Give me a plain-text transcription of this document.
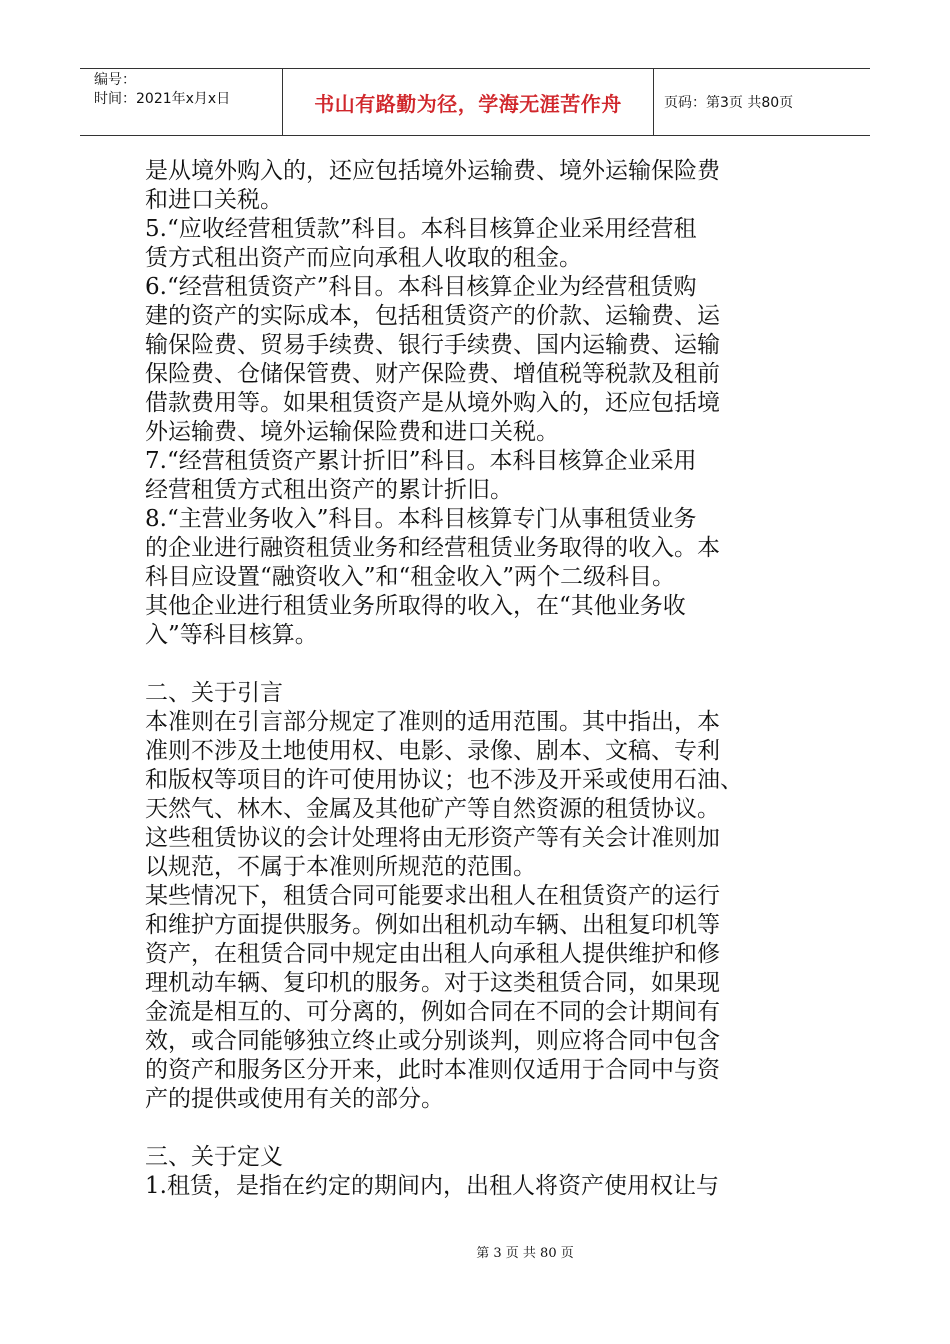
编号：
时间：2021年x月x日	书山有路勤为径，学海无涯苦作舟	页码：第3页 共80页
是从境外购入的，还应包括境外运输费、境外运输保险费
和进口关税。
5.“应收经营租赁款”科目。本科目核算企业采用经营租
赁方式租出资产而应向承租人收取的租金。
6.“经营租赁资产”科目。本科目核算企业为经营租赁购
建的资产的实际成本，包括租赁资产的价款、运输费、运
输保险费、贸易手续费、银行手续费、国内运输费、运输
保险费、仓储保管费、财产保险费、增值税等税款及租前
借款费用等。如果租赁资产是从境外购入的，还应包括境
外运输费、境外运输保险费和进口关税。
7.“经营租赁资产累计折旧”科目。本科目核算企业采用
经营租赁方式租出资产的累计折旧。
8.“主营业务收入”科目。本科目核算专门从事租赁业务
的企业进行融资租赁业务和经营租赁业务取得的收入。本
科目应设置“融资收入”和“租金收入”两个二级科目。
其他企业进行租赁业务所取得的收入，在“其他业务收
入”等科目核算。
二、关于引言
本准则在引言部分规定了准则的适用范围。其中指出，本
准则不涉及土地使用权、电影、录像、剧本、文稿、专利
和版权等项目的许可使用协议；也不涉及开采或使用石油、
天然气、林木、金属及其他矿产等自然资源的租赁协议。
这些租赁协议的会计处理将由无形资产等有关会计准则加
以规范，不属于本准则所规范的范围。
某些情况下，租赁合同可能要求出租人在租赁资产的运行
和维护方面提供服务。例如出租机动车辆、出租复印机等
资产，在租赁合同中规定由出租人向承租人提供维护和修
理机动车辆、复印机的服务。对于这类租赁合同，如果现
金流是相互的、可分离的，例如合同在不同的会计期间有
效，或合同能够独立终止或分别谈判，则应将合同中包含
的资产和服务区分开来，此时本准则仅适用于合同中与资
产的提供或使用有关的部分。
三、关于定义
1.租赁，是指在约定的期间内，出租人将资产使用权让与
第 3 页 共 80 页
